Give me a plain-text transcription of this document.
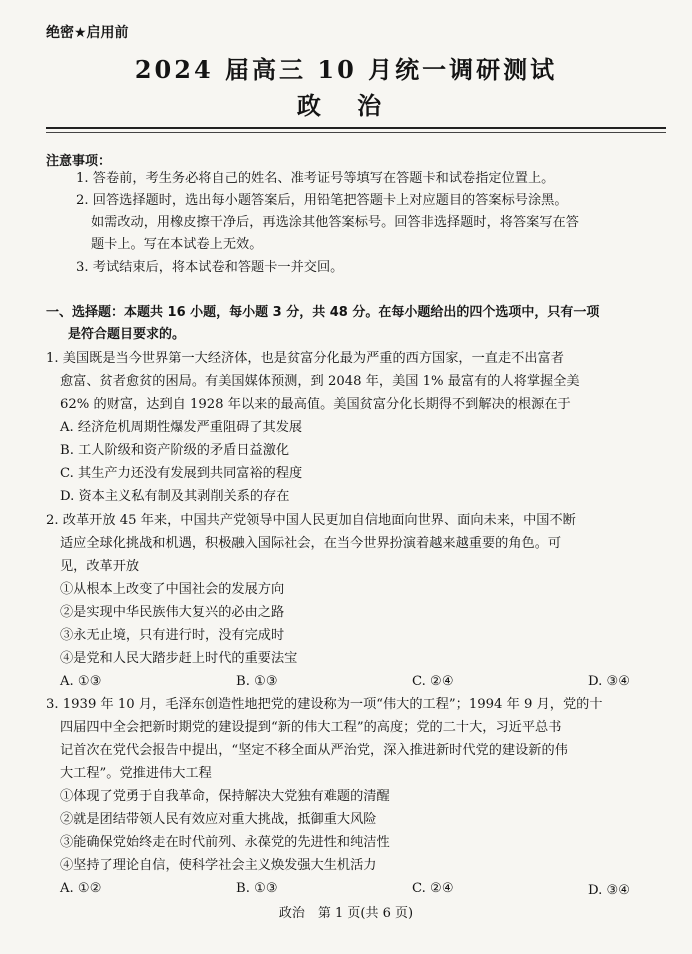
绝密★启用前
2024 届高三 10 月统一调研测试
政 治
注意事项：
1. 答卷前，考生务必将自己的姓名、准考证号等填写在答题卡和试卷指定位置上。
2. 回答选择题时，选出每小题答案后，用铅笔把答题卡上对应题目的答案标号涂黑。
如需改动，用橡皮擦干净后，再选涂其他答案标号。回答非选择题时，将答案写在答
题卡上。写在本试卷上无效。
3. 考试结束后，将本试卷和答题卡一并交回。
一、选择题：本题共 16 小题，每小题 3 分，共 48 分。在每小题给出的四个选项中，只有一项
是符合题目要求的。
1. 美国既是当今世界第一大经济体，也是贫富分化最为严重的西方国家，一直走不出富者
愈富、贫者愈贫的困局。有美国媒体预测，到 2048 年，美国 1% 最富有的人将掌握全美
62% 的财富，达到自 1928 年以来的最高值。美国贫富分化长期得不到解决的根源在于
A. 经济危机周期性爆发严重阻碍了其发展
B. 工人阶级和资产阶级的矛盾日益激化
C. 其生产力还没有发展到共同富裕的程度
D. 资本主义私有制及其剥削关系的存在
2. 改革开放 45 年来，中国共产党领导中国人民更加自信地面向世界、面向未来，中国不断
适应全球化挑战和机遇，积极融入国际社会，在当今世界扮演着越来越重要的角色。可
见，改革开放
①从根本上改变了中国社会的发展方向
②是实现中华民族伟大复兴的必由之路
③永无止境，只有进行时，没有完成时
④是党和人民大踏步赶上时代的重要法宝
A. ①③	B. ①③	C. ②④	D. ③④
3. 1939 年 10 月，毛泽东创造性地把党的建设称为一项“伟大的工程”；1994 年 9 月，党的十
四届四中全会把新时期党的建设提到“新的伟大工程”的高度；党的二十大，习近平总书
记首次在党代会报告中提出，“坚定不移全面从严治党，深入推进新时代党的建设新的伟
大工程”。党推进伟大工程
①体现了党勇于自我革命，保持解决大党独有难题的清醒
②就是团结带领人民有效应对重大挑战，抵御重大风险
③能确保党始终走在时代前列、永葆党的先进性和纯洁性
④坚持了理论自信，使科学社会主义焕发强大生机活力
A. ①②	B. ①③	C. ②④	D. ③④
政治　第 1 页(共 6 页)
